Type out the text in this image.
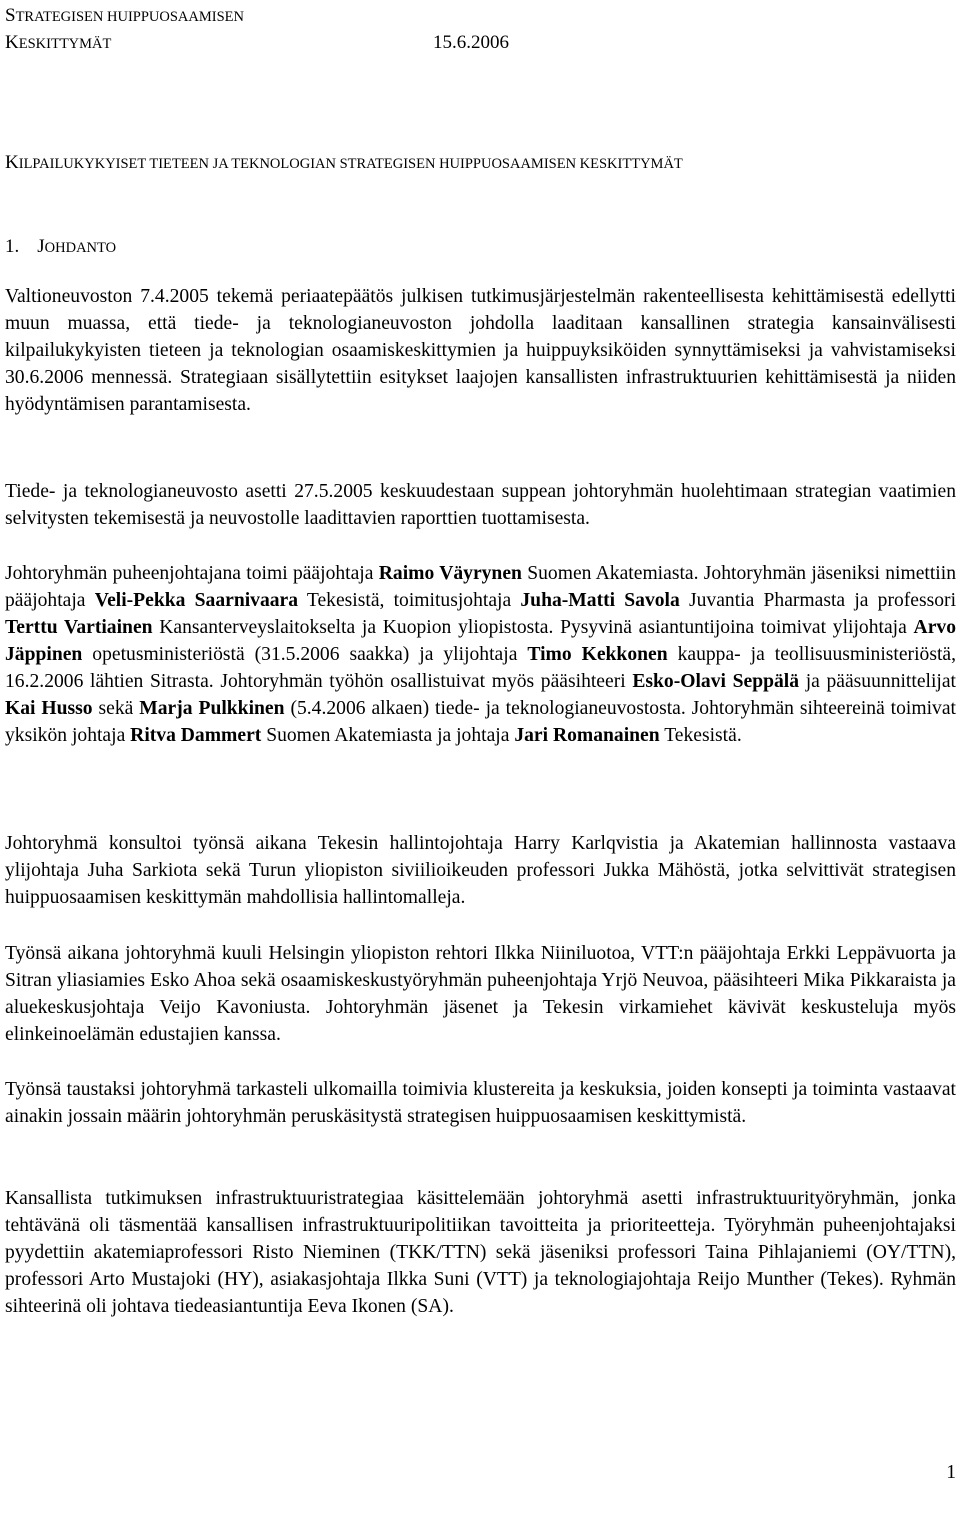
STRATEGISEN HUIPPUOSAAMISEN
KESKITTYMÄT	15.6.2006
KILPAILUKYKYISET TIETEEN JA TEKNOLOGIAN STRATEGISEN HUIPPUOSAAMISEN KESKITTYMÄT
1. JOHDANTO
Valtioneuvoston 7.4.2005 tekemä periaatepäätös julkisen tutkimusjärjestelmän rakenteellisesta kehittämisestä edellytti muun muassa, että tiede- ja teknologianeuvoston johdolla laaditaan kansallinen strategia kansainvälisesti kilpailukykyisten tieteen ja teknologian osaamiskeskittymien ja huippuyksiköiden synnyttämiseksi ja vahvistamiseksi 30.6.2006 mennessä. Strategiaan sisällytettiin esitykset laajojen kansallisten infrastruktuurien kehittämisestä ja niiden hyödyntämisen parantamisesta.
Tiede- ja teknologianeuvosto asetti 27.5.2005 keskuudestaan suppean johtoryhmän huolehtimaan strategian vaatimien selvitysten tekemisestä ja neuvostolle laadittavien raporttien tuottamisesta.
Johtoryhmän puheenjohtajana toimi pääjohtaja Raimo Väyrynen Suomen Akatemiasta. Johtoryhmän jäseniksi nimettiin pääjohtaja Veli-Pekka Saarnivaara Tekesistä, toimitusjohtaja Juha-Matti Savola Juvantia Pharmasta ja professori Terttu Vartiainen Kansanterveyslaitokselta ja Kuopion yliopistosta. Pysyvinä asiantuntijoina toimivat ylijohtaja Arvo Jäppinen opetusministeriöstä (31.5.2006 saakka) ja ylijohtaja Timo Kekkonen kauppa- ja teollisuusministeriöstä, 16.2.2006 lähtien Sitrasta. Johtoryhmän työhön osallistuivat myös pääsihteeri Esko-Olavi Seppälä ja pääsuunnittelijat Kai Husso sekä Marja Pulkkinen (5.4.2006 alkaen) tiede- ja teknologianeuvostosta. Johtoryhmän sihteereinä toimivat yksikön johtaja Ritva Dammert Suomen Akatemiasta ja johtaja Jari Romanainen Tekesistä.
Johtoryhmä konsultoi työnsä aikana Tekesin hallintojohtaja Harry Karlqvistia ja Akatemian hallinnosta vastaava ylijohtaja Juha Sarkiota sekä Turun yliopiston siviilioikeuden professori Jukka Mähöstä, jotka selvittivät strategisen huippuosaamisen keskittymän mahdollisia hallintomalleja.
Työnsä aikana johtoryhmä kuuli Helsingin yliopiston rehtori Ilkka Niiniluotoa, VTT:n pääjohtaja Erkki Leppävuorta ja Sitran yliasiamies Esko Ahoa sekä osaamiskeskustyöryhmän puheenjohtaja Yrjö Neuvoa, pääsihteeri Mika Pikkaraista ja aluekeskusjohtaja Veijo Kavoniusta. Johtoryhmän jäsenet ja Tekesin virkamiehet kävivät keskusteluja myös elinkeinoelämän edustajien kanssa.
Työnsä taustaksi johtoryhmä tarkasteli ulkomailla toimivia klustereita ja keskuksia, joiden konsepti ja toiminta vastaavat ainakin jossain määrin johtoryhmän peruskäsitystä strategisen huippuosaamisen keskittymistä.
Kansallista tutkimuksen infrastruktuuristrategiaa käsittelemään johtoryhmä asetti infrastruktuurityöryhmän, jonka tehtävänä oli täsmentää kansallisen infrastruktuuripolitiikan tavoitteita ja prioriteetteja. Työryhmän puheenjohtajaksi pyydettiin akatemiaprofessori Risto Nieminen (TKK/TTN) sekä jäseniksi professori Taina Pihlajaniemi (OY/TTN), professori Arto Mustajoki (HY), asiakasjohtaja Ilkka Suni (VTT) ja teknologiajohtaja Reijo Munther (Tekes). Ryhmän sihteerinä oli johtava tiedeasiantuntija Eeva Ikonen (SA).
1
